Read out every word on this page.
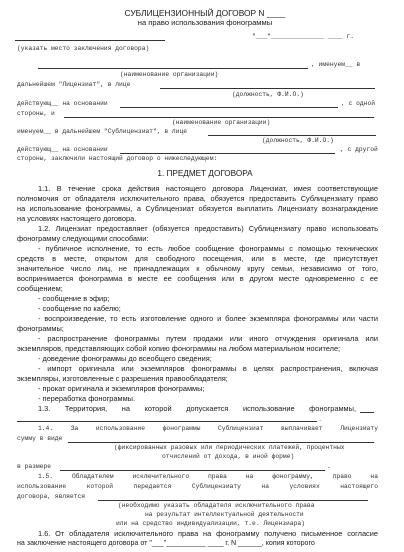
СУБЛИЦЕНЗИОННЫЙ ДОГОВОР N ____
на право использования фонограммы
"___"______________ ____ г.
(указать место заключения договора)
, именуем__ в
(наименование организации)
дальнейшем "Лицензиат", в лице
(должность, Ф.И.О.)
действующ__ на основании	, с одной
стороны, и
(наименование организации)
именуем__ в дальнейшем "Сублицензиат", в лице
(должность, Ф.И.О.)
действующ__ на основании	, с другой
стороны, заключили настоящий договор о нижеследующем:
1. ПРЕДМЕТ ДОГОВОРА
1.1. В течение срока действия настоящего договора Лицензиат, имея соответствующие
полномочия от обладателя исключительного права, обязуется предоставить Сублицензиату право
на использование фонограммы, а Сублицензиат обязуется выплатить Лицензиату вознаграждение
на условиях настоящего договора.
1.2. Лицензиат предоставляет (обязуется предоставить) Сублицензиату право использовать
фонограмму следующими способами:
- публичное исполнение, то есть любое сообщение фонограммы с помощью технических
средств в месте, открытом для свободного посещения, или в месте, где присутствует
значительное число лиц, не принадлежащих к обычному кругу семьи, независимо от того,
воспринимается фонограмма в месте ее сообщения или в другом месте одновременно с ее
сообщением;
- сообщение в эфир;
- сообщение по кабелю;
- воспроизведение, то есть изготовление одного и более экземпляра фонограммы или части
фонограммы;
- распространение фонограммы путем продажи или иного отчуждения оригинала или
экземпляров, представляющих собой копию фонограммы на любом материальном носителе;
- доведение фонограммы до всеобщего сведения;
- импорт оригинала или экземпляров фонограммы в целях распространения, включая
экземпляры, изготовленные с разрешения правообладателя;
- прокат оригинала и экземпляров фонограммы;
- переработка фонограммы.
1.3. Территория, на которой допускается использование фонограммы,
.
1.4. За использование фонограммы Сублицензиат выплачивает Лицензиату
сумму в виде
(фиксированных разовых или периодических платежей, процентных
отчислений от дохода, в иной форме)
в размере	.
1.5. Обладателем исключительного права на фонограмму, право на
использование которой передается Сублицензиату на условиях настоящего
договора, является
(необходимо указать обладателя исключительного права
на результат интеллектуальной деятельности
или на средство индивидуализации, т.е. Лицензиара)
1.6. От обладателя исключительного права на фонограмму получено письменное согласие
на заключение настоящего договора от "___"__________ ____ г. N ______, копия которого
